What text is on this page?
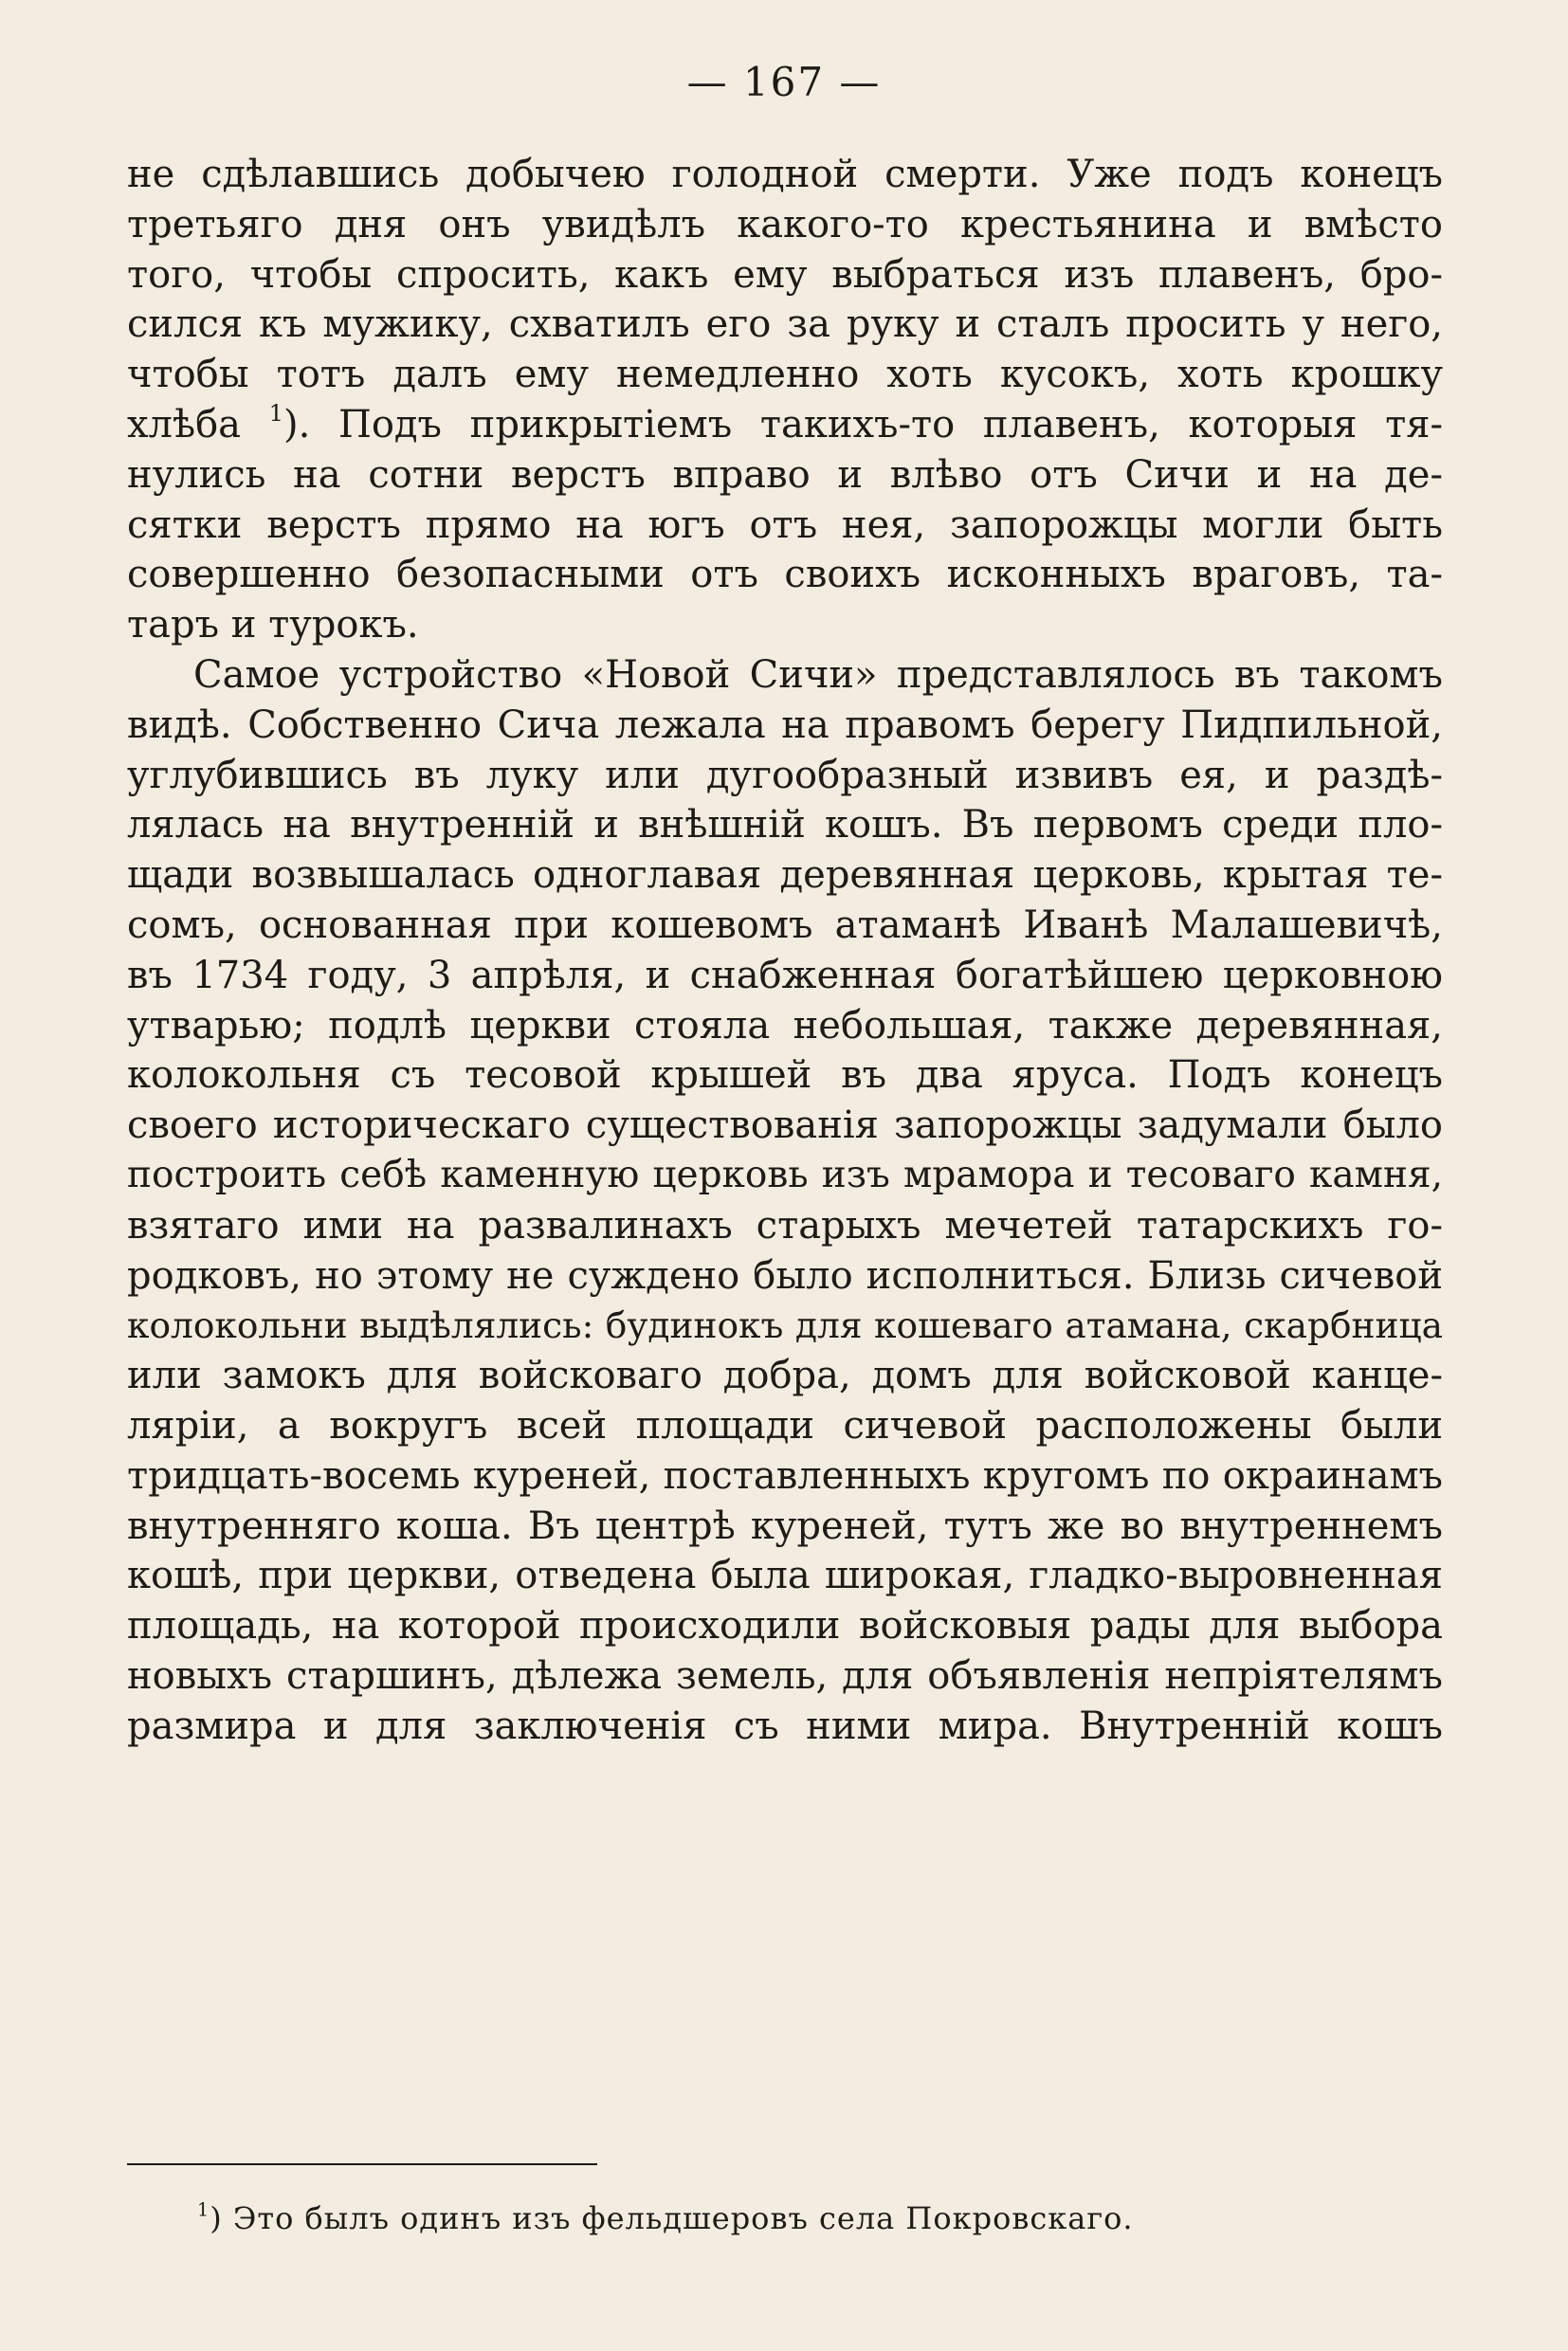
— 167 —
не сдѣлавшись добычею голодной смерти. Уже подъ конецъ
третьяго дня онъ увидѣлъ какого-то крестьянина и вмѣсто
того, чтобы спросить, какъ ему выбраться изъ плавенъ, бро-
сился къ мужику, схватилъ его за руку и сталъ просить у него,
чтобы тотъ далъ ему немедленно хоть кусокъ, хоть крошку
хлѣба $^1$). Подъ прикрытіемъ такихъ-то плавенъ, которыя тя-
нулись на сотни верстъ вправо и влѣво отъ Сичи и на де-
сятки верстъ прямо на югъ отъ нея, запорожцы могли быть
совершенно безопасными отъ своихъ исконныхъ враговъ, та-
таръ и турокъ.
Самое устройство «Новой Сичи» представлялось въ такомъ
видѣ. Собственно Сича лежала на правомъ берегу Пидпильной,
углубившись въ луку или дугообразный извивъ ея, и раздѣ-
лялась на внутренній и внѣшній кошъ. Въ первомъ среди пло-
щади возвышалась одноглавая деревянная церковь, крытая те-
сомъ, основанная при кошевомъ атаманѣ Иванѣ Малашевичѣ,
въ 1734 году, 3 апрѣля, и снабженная богатѣйшею церковною
утварью; подлѣ церкви стояла небольшая, также деревянная,
колокольня съ тесовой крышей въ два яруса. Подъ конецъ
своего историческаго существованія запорожцы задумали было
построить себѣ каменную церковь изъ мрамора и тесоваго камня,
взятаго ими на развалинахъ старыхъ мечетей татарскихъ го-
родковъ, но этому не суждено было исполниться. Близь сичевой
колокольни выдѣлялись: будинокъ для кошеваго атамана, скарбница
или замокъ для войсковаго добра, домъ для войсковой канце-
ляріи, а вокругъ всей площади сичевой расположены были
тридцать-восемь куреней, поставленныхъ кругомъ по окраинамъ
внутренняго коша. Въ центрѣ куреней, тутъ же во внутреннемъ
кошѣ, при церкви, отведена была широкая, гладко-выровненная
площадь, на которой происходили войсковыя рады для выбора
новыхъ старшинъ, дѣлежа земель, для объявленія непріятелямъ
размира и для заключенія съ ними мира. Внутренній кошъ
$^1$) Это былъ одинъ изъ фельдшеровъ села Покровскаго.
